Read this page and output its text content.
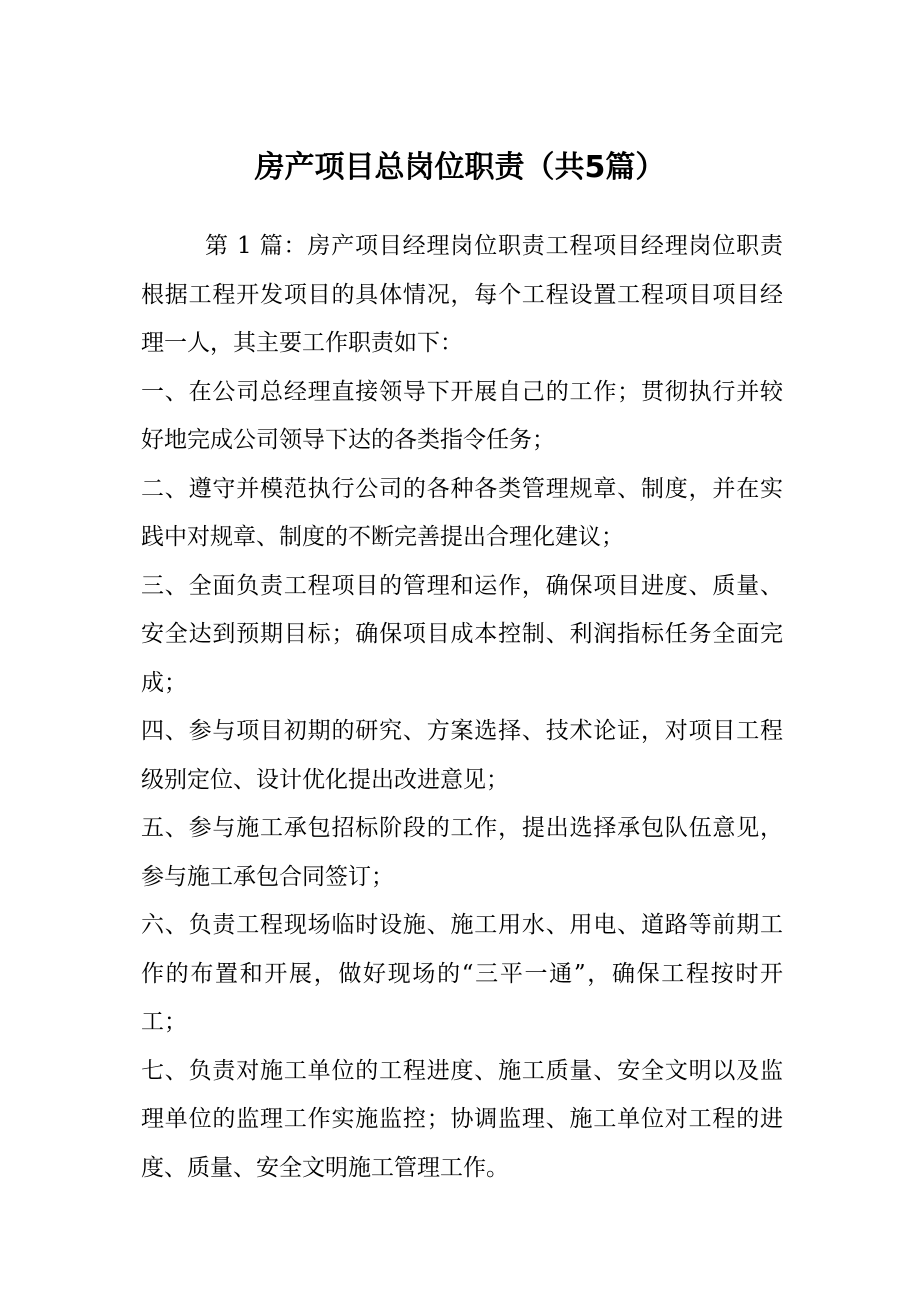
房产项目总岗位职责（共5篇）

第 1 篇：房产项目经理岗位职责工程项目经理岗位职责根据工程开发项目的具体情况，每个工程设置工程项目项目经理一人，其主要工作职责如下：

一、在公司总经理直接领导下开展自己的工作；贯彻执行并较好地完成公司领导下达的各类指令任务；

二、遵守并模范执行公司的各种各类管理规章、制度，并在实践中对规章、制度的不断完善提出合理化建议；

三、全面负责工程项目的管理和运作，确保项目进度、质量、安全达到预期目标；确保项目成本控制、利润指标任务全面完成；

四、参与项目初期的研究、方案选择、技术论证，对项目工程级别定位、设计优化提出改进意见；

五、参与施工承包招标阶段的工作，提出选择承包队伍意见，参与施工承包合同签订；

六、负责工程现场临时设施、施工用水、用电、道路等前期工作的布置和开展，做好现场的“三平一通”，确保工程按时开工；

七、负责对施工单位的工程进度、施工质量、安全文明以及监理单位的监理工作实施监控；协调监理、施工单位对工程的进度、质量、安全文明施工管理工作。
